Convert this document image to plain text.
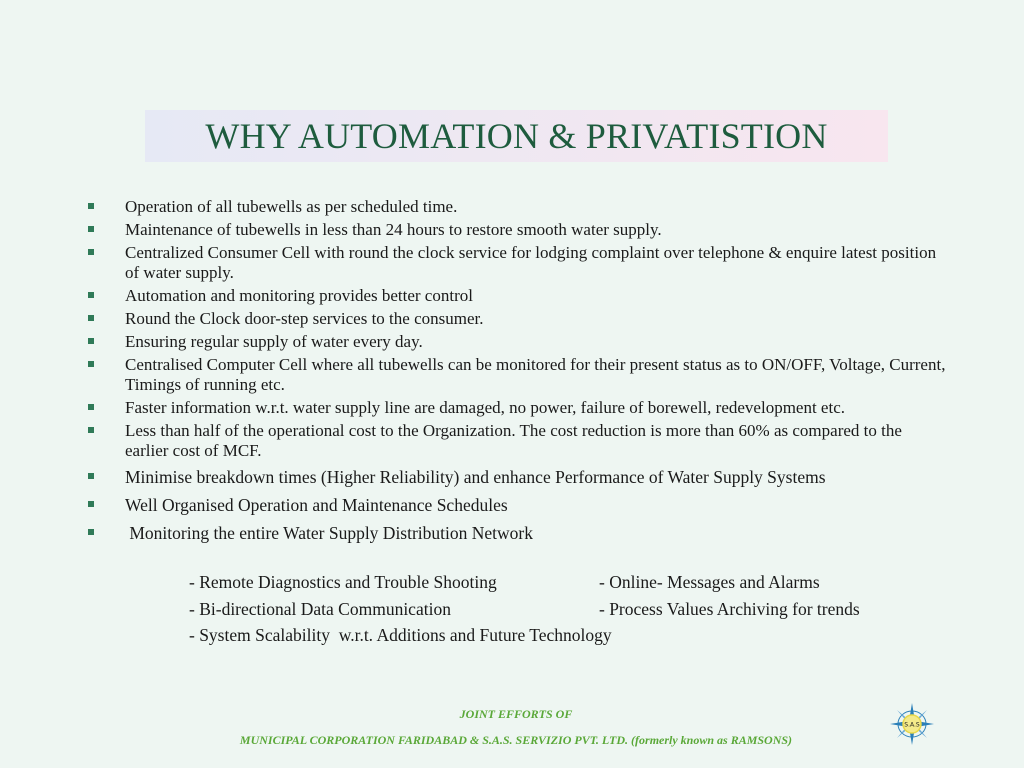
WHY AUTOMATION & PRIVATISTION
Operation of all tubewells as per scheduled time.
Maintenance of tubewells in less than 24 hours to restore smooth water supply.
Centralized Consumer Cell with round the clock service for lodging complaint over telephone & enquire latest position of water supply.
Automation and monitoring provides better control
Round the Clock door-step services to the consumer.
Ensuring regular supply of water every day.
Centralised Computer Cell where all tubewells can be monitored for their present status as to ON/OFF, Voltage, Current, Timings of running etc.
Faster information w.r.t. water supply line are damaged, no power, failure of borewell, redevelopment etc.
Less than half of the operational cost to the Organization. The cost reduction is more than 60% as compared to the earlier cost of MCF.
Minimise breakdown times (Higher Reliability) and enhance Performance of Water Supply Systems
Well Organised Operation and Maintenance Schedules
Monitoring the entire Water Supply Distribution Network
- Remote Diagnostics and Trouble Shooting	- Online- Messages and Alarms
- Bi-directional Data Communication	- Process Values Archiving for trends
- System Scalability  w.r.t. Additions and Future Technology
JOINT EFFORTS OF
MUNICIPAL CORPORATION FARIDABAD & S.A.S. SERVIZIO PVT. LTD. (formerly known as RAMSONS)
S.A.S
